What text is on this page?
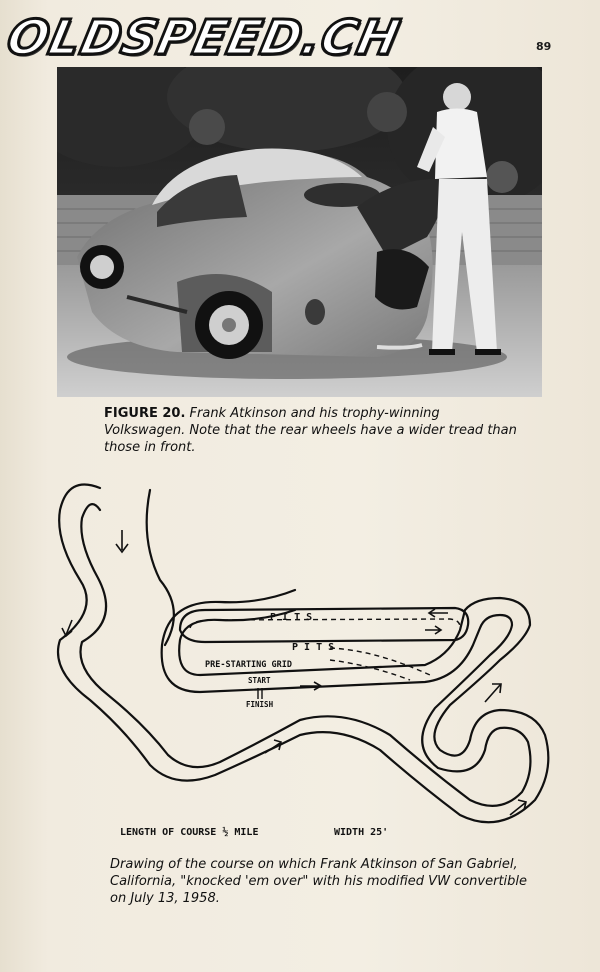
OLDSPEED.CH	89
FIGURE 20. Frank Atkinson and his trophy-winning Volkswagen. Note that the rear wheels have a wider tread than those in front.
P I T S
P I T S
PRE-STARTING GRID
START
FINISH
LENGTH OF COURSE ½ MILE	WIDTH 25'
Drawing of the course on which Frank Atkinson of San Gabriel, California, "knocked 'em over" with his modified VW convertible on July 13, 1958.
